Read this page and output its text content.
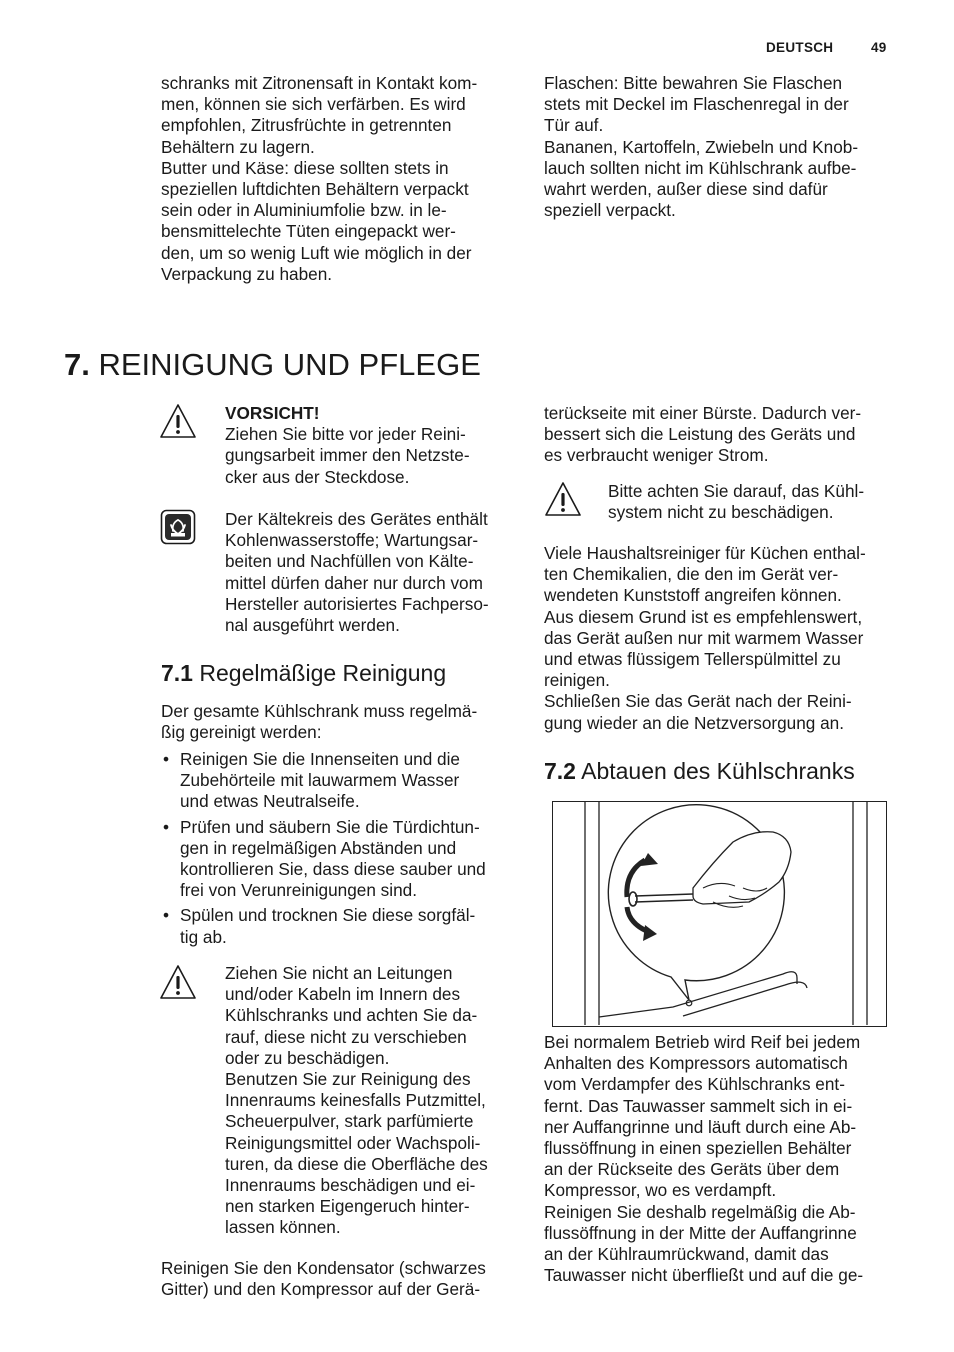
DEUTSCH	49
schranks mit Zitronensaft in Kontakt kom-
men, können sie sich verfärben. Es wird
empfohlen, Zitrusfrüchte in getrennten
Behältern zu lagern.
Butter und Käse: diese sollten stets in
speziellen luftdichten Behältern verpackt
sein oder in Aluminiumfolie bzw. in le-
bensmittelechte Tüten eingepackt wer-
den, um so wenig Luft wie möglich in der
Verpackung zu haben.
Flaschen: Bitte bewahren Sie Flaschen
stets mit Deckel im Flaschenregal in der
Tür auf.
Bananen, Kartoffeln, Zwiebeln und Knob-
lauch sollten nicht im Kühlschrank aufbe-
wahrt werden, außer diese sind dafür
speziell verpackt.
7. REINIGUNG UND PFLEGE
VORSICHT!
Ziehen Sie bitte vor jeder Reini-
gungsarbeit immer den Netzste-
cker aus der Steckdose.
Der Kältekreis des Gerätes enthält
Kohlenwasserstoffe; Wartungsar-
beiten und Nachfüllen von Kälte-
mittel dürfen daher nur durch vom
Hersteller autorisiertes Fachperso-
nal ausgeführt werden.
7.1 Regelmäßige Reinigung
Der gesamte Kühlschrank muss regelmä-
ßig gereinigt werden:
• Reinigen Sie die Innenseiten und die
Zubehörteile mit lauwarmem Wasser
und etwas Neutralseife.
• Prüfen und säubern Sie die Türdichtun-
gen in regelmäßigen Abständen und
kontrollieren Sie, dass diese sauber und
frei von Verunreinigungen sind.
• Spülen und trocknen Sie diese sorgfäl-
tig ab.
Ziehen Sie nicht an Leitungen
und/oder Kabeln im Innern des
Kühlschranks und achten Sie da-
rauf, diese nicht zu verschieben
oder zu beschädigen.
Benutzen Sie zur Reinigung des
Innenraums keinesfalls Putzmittel,
Scheuerpulver, stark parfümierte
Reinigungsmittel oder Wachspoli-
turen, da diese die Oberfläche des
Innenraums beschädigen und ei-
nen starken Eigengeruch hinter-
lassen können.
Reinigen Sie den Kondensator (schwarzes
Gitter) und den Kompressor auf der Gerä-
terückseite mit einer Bürste. Dadurch ver-
bessert sich die Leistung des Geräts und
es verbraucht weniger Strom.
Bitte achten Sie darauf, das Kühl-
system nicht zu beschädigen.
Viele Haushaltsreiniger für Küchen enthal-
ten Chemikalien, die den im Gerät ver-
wendeten Kunststoff angreifen können.
Aus diesem Grund ist es empfehlenswert,
das Gerät außen nur mit warmem Wasser
und etwas flüssigem Tellerspülmittel zu
reinigen.
Schließen Sie das Gerät nach der Reini-
gung wieder an die Netzversorgung an.
7.2 Abtauen des Kühlschranks
Bei normalem Betrieb wird Reif bei jedem
Anhalten des Kompressors automatisch
vom Verdampfer des Kühlschranks ent-
fernt. Das Tauwasser sammelt sich in ei-
ner Auffangrinne und läuft durch eine Ab-
flussöffnung in einen speziellen Behälter
an der Rückseite des Geräts über dem
Kompressor, wo es verdampft.
Reinigen Sie deshalb regelmäßig die Ab-
flussöffnung in der Mitte der Auffangrinne
an der Kühlraumrückwand, damit das
Tauwasser nicht überfließt und auf die ge-
